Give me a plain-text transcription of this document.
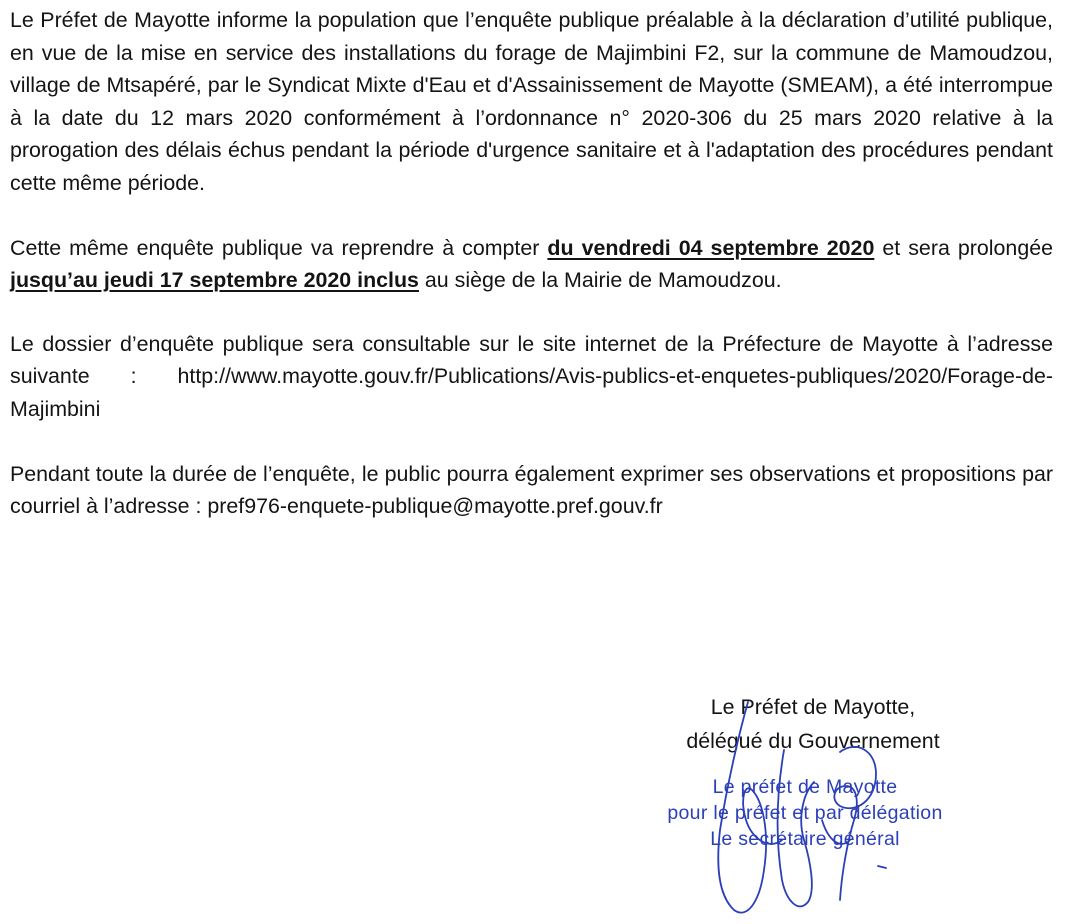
Le Préfet de Mayotte informe la population que l’enquête publique préalable à la déclaration d’utilité publique, en vue de la mise en service des installations du forage de Majimbini F2, sur la commune de Mamoudzou, village de Mtsapéré, par le Syndicat Mixte d'Eau et d'Assainissement de Mayotte (SMEAM), a été interrompue à la date du 12 mars 2020 conformément à l’ordonnance n° 2020-306 du 25 mars 2020 relative à la prorogation des délais échus pendant la période d'urgence sanitaire et à l'adaptation des procédures pendant cette même période.

Cette même enquête publique va reprendre à compter du vendredi 04 septembre 2020 et sera prolongée jusqu’au jeudi 17 septembre 2020 inclus au siège de la Mairie de Mamoudzou.

Le dossier d’enquête publique sera consultable sur le site internet de la Préfecture de Mayotte à l’adresse suivante : http://www.mayotte.gouv.fr/Publications/Avis-publics-et-enquetes-publiques/2020/Forage-de-Majimbini

Pendant toute la durée de l’enquête, le public pourra également exprimer ses observations et propositions par courriel à l’adresse : pref976-enquete-publique@mayotte.pref.gouv.fr

Le Préfet de Mayotte,
délégué du Gouvernement
Le préfet de Mayotte
pour le préfet et par délégation
Le secrétaire général
